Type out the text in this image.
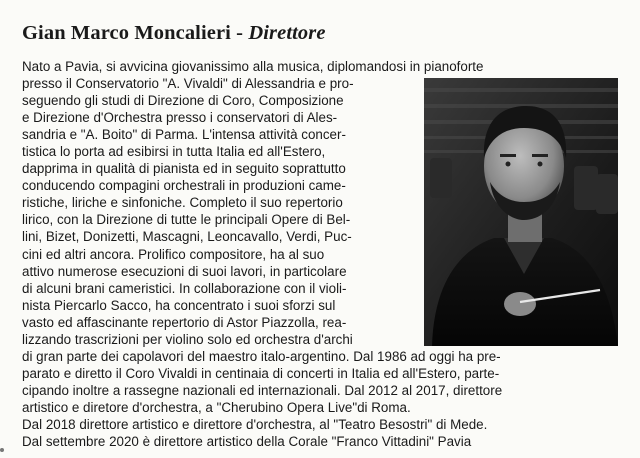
Gian Marco Moncalieri - Direttore
Nato a Pavia, si avvicina giovanissimo alla musica, diplomandosi in pianoforte
presso il Conservatorio "A. Vivaldi" di Alessandria e pro-
seguendo gli studi di Direzione di Coro, Composizione
e Direzione d'Orchestra presso i conservatori di Ales-
sandria e "A. Boito" di Parma. L'intensa attività concer-
tistica lo porta ad esibirsi in tutta Italia ed all'Estero,
dapprima in qualità di pianista ed in seguito soprattutto
conducendo compagini orchestrali in produzioni came-
ristiche, liriche e sinfoniche. Completo il suo repertorio
lirico, con la Direzione di tutte le principali Opere di Bel-
lini, Bizet, Donizetti, Mascagni, Leoncavallo, Verdi, Puc-
cini ed altri ancora. Prolifico compositore, ha al suo
attivo numerose esecuzioni di suoi lavori, in particolare
di alcuni brani cameristici. In collaborazione con il violi-
nista Piercarlo Sacco, ha concentrato i suoi sforzi sul
vasto ed affascinante repertorio di Astor Piazzolla, rea-
lizzando trascrizioni per violino solo ed orchestra d'archi
di gran parte dei capolavori del maestro italo-argentino. Dal 1986 ad oggi ha pre-
parato e diretto il Coro Vivaldi in centinaia di concerti in Italia ed all'Estero, parte-
cipando inoltre a rassegne nazionali ed internazionali. Dal 2012 al 2017, direttore
artistico e diretore d'orchestra, a "Cherubino Opera Live"di Roma.
Dal 2018 direttore artistico e direttore d'orchestra, al "Teatro Besostri" di Mede.
Dal settembre 2020 è direttore artistico della Corale "Franco Vittadini" Pavia
